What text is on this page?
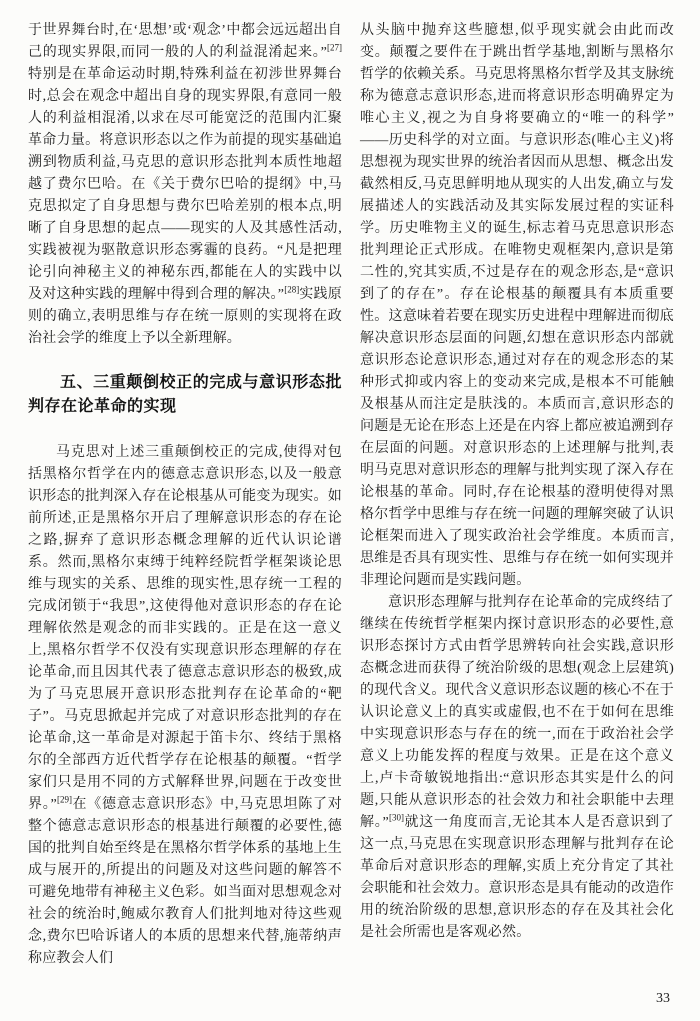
于世界舞台时,在‘思想’或‘观念’中都会远远超出自己的现实界限,而同一般的人的利益混淆起来。”[27]特别是在革命运动时期,特殊利益在初涉世界舞台时,总会在观念中超出自身的现实界限,有意同一般人的利益相混淆,以求在尽可能宽泛的范围内汇聚革命力量。将意识形态以之作为前提的现实基础追溯到物质利益,马克思的意识形态批判本质性地超越了费尔巴哈。在《关于费尔巴哈的提纲》中,马克思拟定了自身思想与费尔巴哈差别的根本点,明晰了自身思想的起点——现实的人及其感性活动,实践被视为驱散意识形态雾霾的良药。“凡是把理论引向神秘主义的神秘东西,都能在人的实践中以及对这种实践的理解中得到合理的解决。”[28]实践原则的确立,表明思维与存在统一原则的实现将在政治社会学的维度上予以全新理解。

五、三重颠倒校正的完成与意识形态批判存在论革命的实现

马克思对上述三重颠倒校正的完成,使得对包括黑格尔哲学在内的德意志意识形态,以及一般意识形态的批判深入存在论根基从可能变为现实。如前所述,正是黑格尔开启了理解意识形态的存在论之路,摒弃了意识形态概念理解的近代认识论谱系。然而,黑格尔束缚于纯粹经院哲学框架谈论思维与现实的关系、思维的现实性,思存统一工程的完成闭锁于“我思”,这使得他对意识形态的存在论理解依然是观念的而非实践的。正是在这一意义上,黑格尔哲学不仅没有实现意识形态理解的存在论革命,而且因其代表了德意志意识形态的极致,成为了马克思展开意识形态批判存在论革命的“靶子”。马克思掀起并完成了对意识形态批判的存在论革命,这一革命是对源起于笛卡尔、终结于黑格尔的全部西方近代哲学存在论根基的颠覆。“哲学家们只是用不同的方式解释世界,问题在于改变世界。”[29]在《德意志意识形态》中,马克思坦陈了对整个德意志意识形态的根基进行颠覆的必要性,德国的批判自始至终是在黑格尔哲学体系的基地上生成与展开的,所提出的问题及对这些问题的解答不可避免地带有神秘主义色彩。如当面对思想观念对社会的统治时,鲍威尔教育人们批判地对待这些观念,费尔巴哈诉诸人的本质的思想来代替,施蒂纳声称应教会人们

从头脑中抛弃这些臆想,似乎现实就会由此而改变。颠覆之要件在于跳出哲学基地,割断与黑格尔哲学的依赖关系。马克思将黑格尔哲学及其支脉统称为德意志意识形态,进而将意识形态明确界定为唯心主义,视之为自身将要确立的“唯一的科学”——历史科学的对立面。与意识形态(唯心主义)将思想视为现实世界的统治者因而从思想、概念出发截然相反,马克思鲜明地从现实的人出发,确立与发展描述人的实践活动及其实际发展过程的实证科学。历史唯物主义的诞生,标志着马克思意识形态批判理论正式形成。在唯物史观框架内,意识是第二性的,究其实质,不过是存在的观念形态,是“意识到了的存在”。存在论根基的颠覆具有本质重要性。这意味着若要在现实历史进程中理解进而彻底解决意识形态层面的问题,幻想在意识形态内部就意识形态论意识形态,通过对存在的观念形态的某种形式抑或内容上的变动来完成,是根本不可能触及根基从而注定是肤浅的。本质而言,意识形态的问题是无论在形态上还是在内容上都应被追溯到存在层面的问题。对意识形态的上述理解与批判,表明马克思对意识形态的理解与批判实现了深入存在论根基的革命。同时,存在论根基的澄明使得对黑格尔哲学中思维与存在统一问题的理解突破了认识论框架而进入了现实政治社会学维度。本质而言,思维是否具有现实性、思维与存在统一如何实现并非理论问题而是实践问题。

意识形态理解与批判存在论革命的完成终结了继续在传统哲学框架内探讨意识形态的必要性,意识形态探讨方式由哲学思辨转向社会实践,意识形态概念进而获得了统治阶级的思想(观念上层建筑)的现代含义。现代含义意识形态议题的核心不在于认识论意义上的真实或虚假,也不在于如何在思维中实现意识形态与存在的统一,而在于政治社会学意义上功能发挥的程度与效果。正是在这个意义上,卢卡奇敏锐地指出:“意识形态其实是什么的问题,只能从意识形态的社会效力和社会职能中去理解。”[30]就这一角度而言,无论其本人是否意识到了这一点,马克思在实现意识形态理解与批判存在论革命后对意识形态的理解,实质上充分肯定了其社会职能和社会效力。意识形态是具有能动的改造作用的统治阶级的思想,意识形态的存在及其社会化是社会所需也是客观必然。

33
